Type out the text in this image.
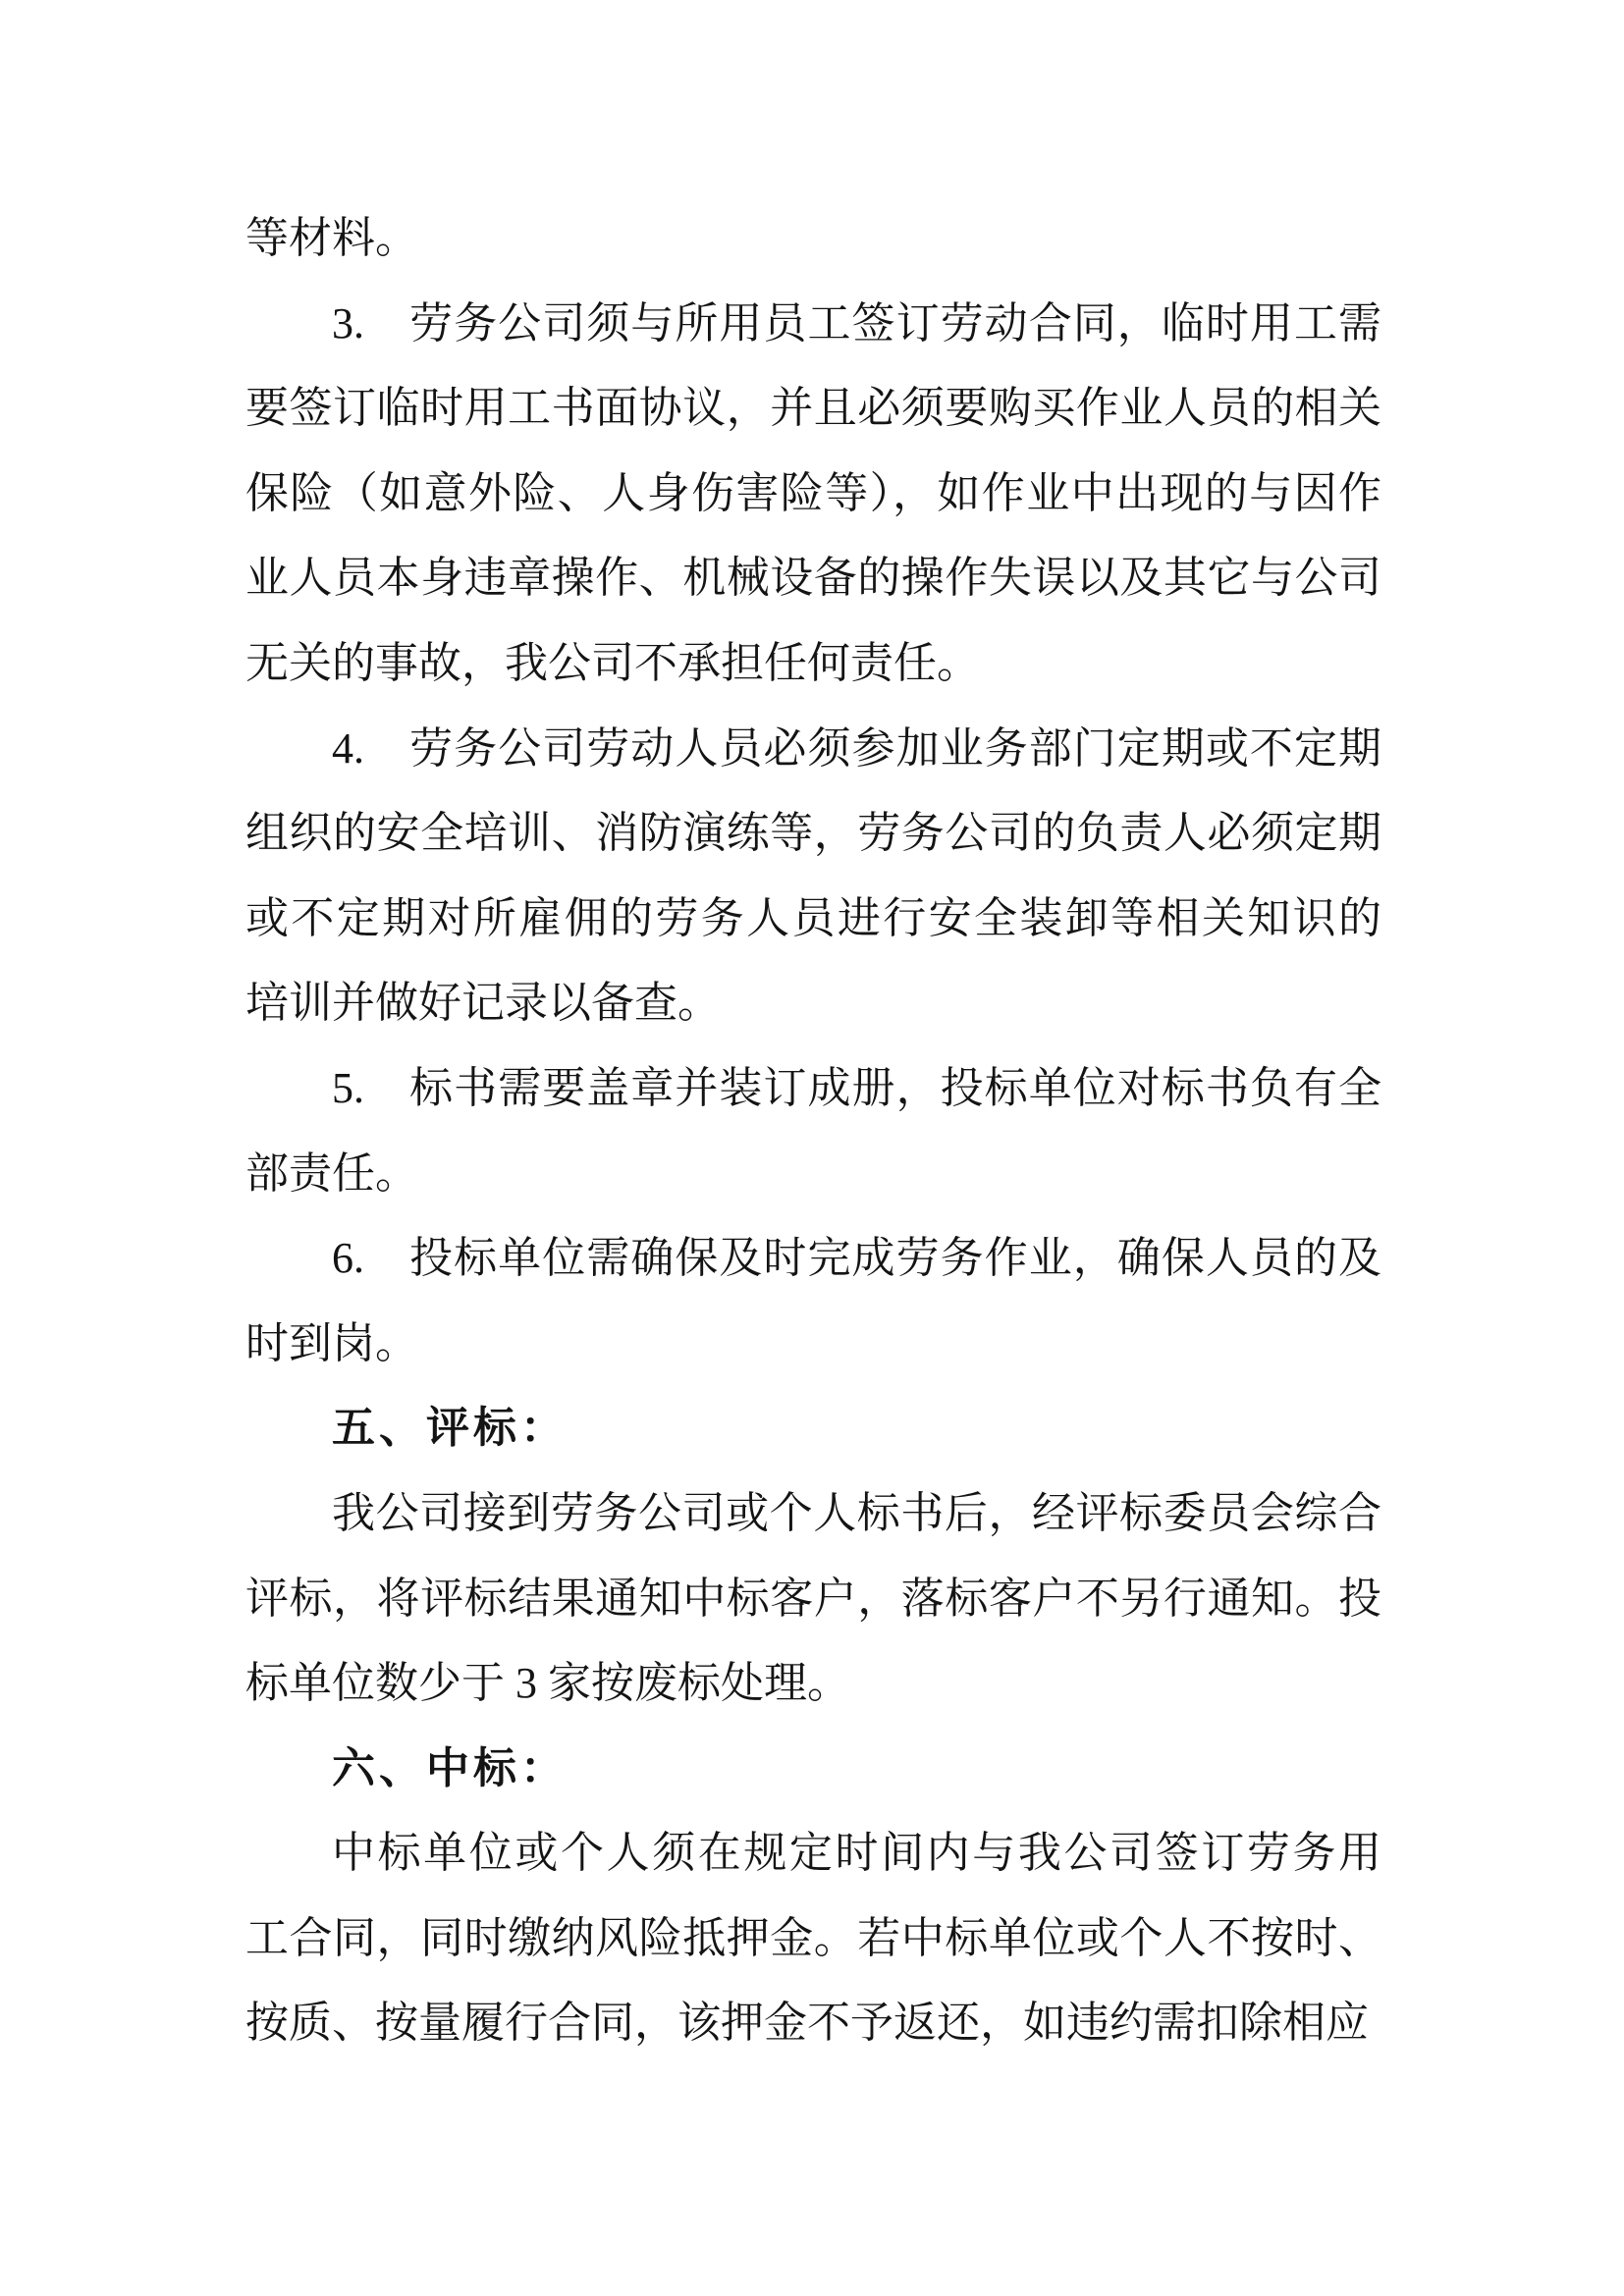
等材料。
3.　劳务公司须与所用员工签订劳动合同，临时用工需
要签订临时用工书面协议，并且必须要购买作业人员的相关
保险（如意外险、人身伤害险等），如作业中出现的与因作
业人员本身违章操作、机械设备的操作失误以及其它与公司
无关的事故，我公司不承担任何责任。
4.　劳务公司劳动人员必须参加业务部门定期或不定期
组织的安全培训、消防演练等，劳务公司的负责人必须定期
或不定期对所雇佣的劳务人员进行安全装卸等相关知识的
培训并做好记录以备查。
5.　标书需要盖章并装订成册，投标单位对标书负有全
部责任。
6.　投标单位需确保及时完成劳务作业，确保人员的及
时到岗。
五、评标：
我公司接到劳务公司或个人标书后，经评标委员会综合
评标，将评标结果通知中标客户，落标客户不另行通知。投
标单位数少于 3 家按废标处理。
六、中标：
中标单位或个人须在规定时间内与我公司签订劳务用
工合同，同时缴纳风险抵押金。若中标单位或个人不按时、
按质、按量履行合同，该押金不予返还，如违约需扣除相应
